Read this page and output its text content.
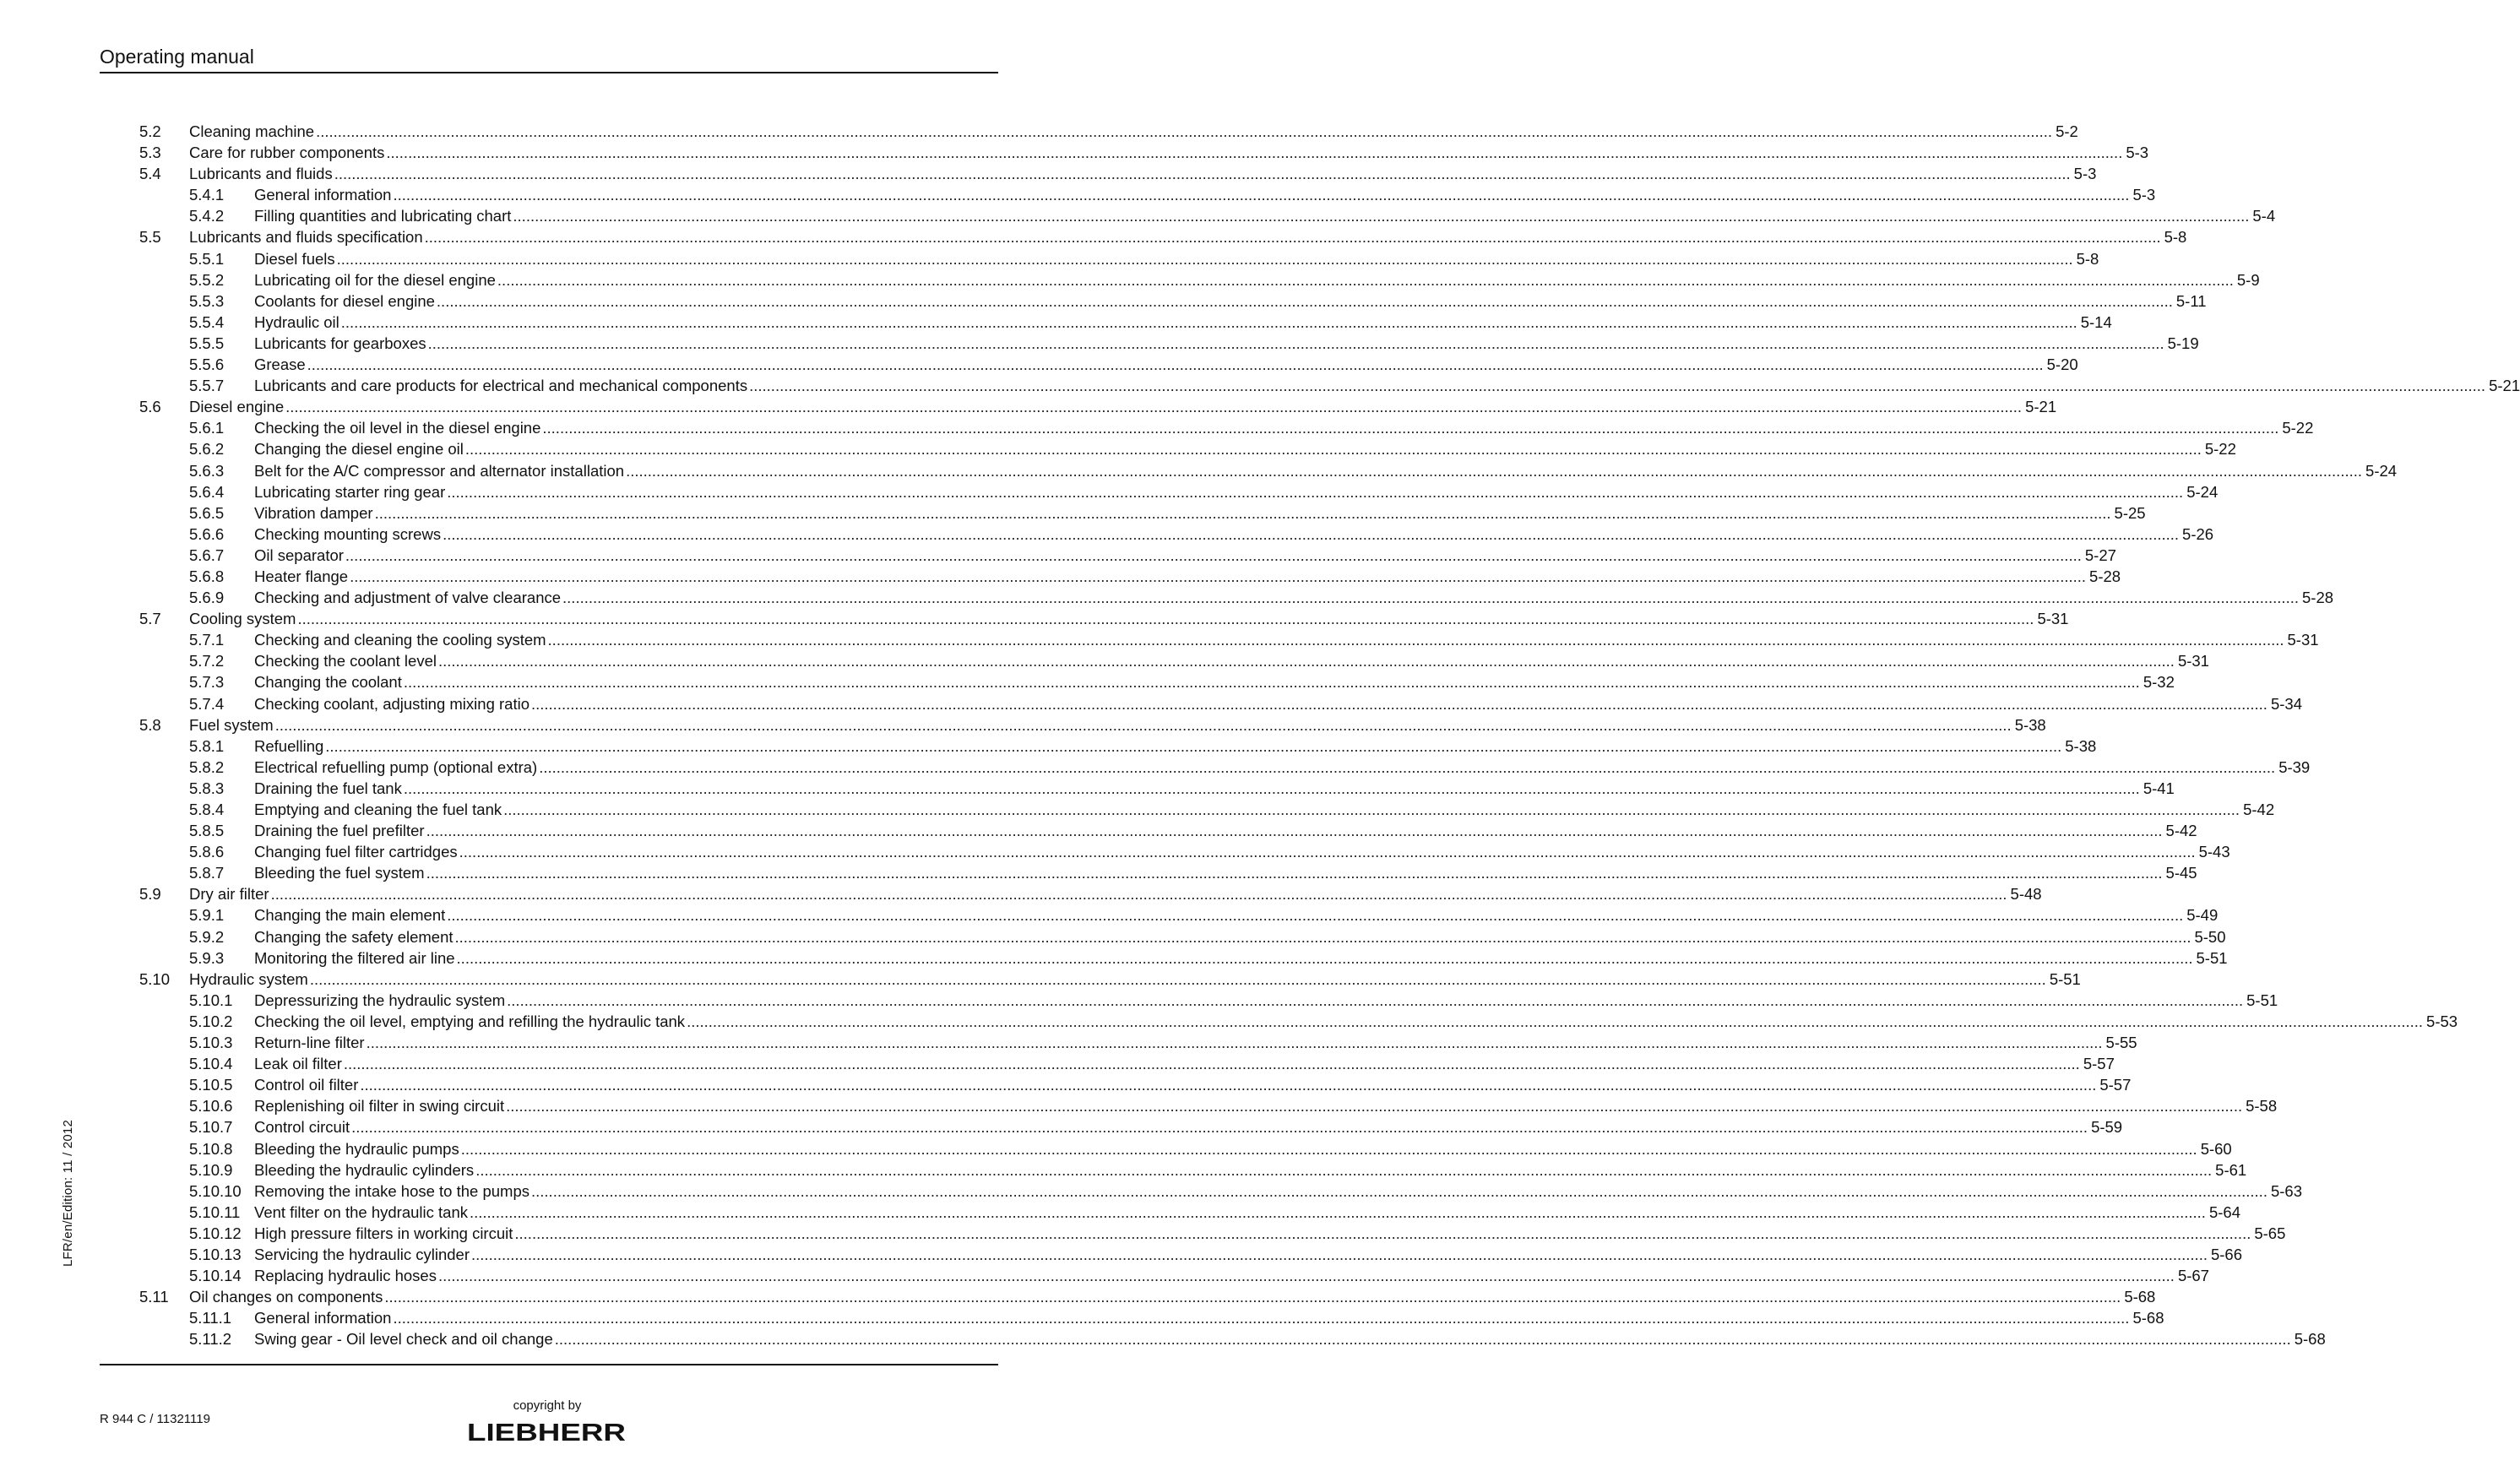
Operating manual
5.2 Cleaning machine ................................................................................................................................................................................................................................................................................................................................................................................................................ 5-2
5.3 Care for rubber components ................................................................................................................................................................................................................................................................................................................................................................................................................ 5-3
5.4 Lubricants and fluids ................................................................................................................................................................................................................................................................................................................................................................................................................ 5-3
5.4.1 General information ................................................................................................................................................................................................................................................................................................................................................................................................................ 5-3
5.4.2 Filling quantities and lubricating chart ................................................................................................................................................................................................................................................................................................................................................................................................................ 5-4
5.5 Lubricants and fluids specification ................................................................................................................................................................................................................................................................................................................................................................................................................ 5-8
5.5.1 Diesel fuels ................................................................................................................................................................................................................................................................................................................................................................................................................ 5-8
5.5.2 Lubricating oil for the diesel engine ................................................................................................................................................................................................................................................................................................................................................................................................................ 5-9
5.5.3 Coolants for diesel engine ................................................................................................................................................................................................................................................................................................................................................................................................................ 5-11
5.5.4 Hydraulic oil ................................................................................................................................................................................................................................................................................................................................................................................................................ 5-14
5.5.5 Lubricants for gearboxes ................................................................................................................................................................................................................................................................................................................................................................................................................ 5-19
5.5.6 Grease ................................................................................................................................................................................................................................................................................................................................................................................................................ 5-20
5.5.7 Lubricants and care products for electrical and mechanical components ................................................................................................................................................................................................................................................................................................................................................................................................................ 5-21
5.6 Diesel engine ................................................................................................................................................................................................................................................................................................................................................................................................................ 5-21
5.6.1 Checking the oil level in the diesel engine ................................................................................................................................................................................................................................................................................................................................................................................................................ 5-22
5.6.2 Changing the diesel engine oil ................................................................................................................................................................................................................................................................................................................................................................................................................ 5-22
5.6.3 Belt for the A/C compressor and alternator installation ................................................................................................................................................................................................................................................................................................................................................................................................................ 5-24
5.6.4 Lubricating starter ring gear ................................................................................................................................................................................................................................................................................................................................................................................................................ 5-24
5.6.5 Vibration damper ................................................................................................................................................................................................................................................................................................................................................................................................................ 5-25
5.6.6 Checking mounting screws ................................................................................................................................................................................................................................................................................................................................................................................................................ 5-26
5.6.7 Oil separator ................................................................................................................................................................................................................................................................................................................................................................................................................ 5-27
5.6.8 Heater flange ................................................................................................................................................................................................................................................................................................................................................................................................................ 5-28
5.6.9 Checking and adjustment of valve clearance ................................................................................................................................................................................................................................................................................................................................................................................................................ 5-28
5.7 Cooling system ................................................................................................................................................................................................................................................................................................................................................................................................................ 5-31
5.7.1 Checking and cleaning the cooling system ................................................................................................................................................................................................................................................................................................................................................................................................................ 5-31
5.7.2 Checking the coolant level ................................................................................................................................................................................................................................................................................................................................................................................................................ 5-31
5.7.3 Changing the coolant ................................................................................................................................................................................................................................................................................................................................................................................................................ 5-32
5.7.4 Checking coolant, adjusting mixing ratio ................................................................................................................................................................................................................................................................................................................................................................................................................ 5-34
5.8 Fuel system ................................................................................................................................................................................................................................................................................................................................................................................................................ 5-38
5.8.1 Refuelling ................................................................................................................................................................................................................................................................................................................................................................................................................ 5-38
5.8.2 Electrical refuelling pump (optional extra) ................................................................................................................................................................................................................................................................................................................................................................................................................ 5-39
5.8.3 Draining the fuel tank ................................................................................................................................................................................................................................................................................................................................................................................................................ 5-41
5.8.4 Emptying and cleaning the fuel tank ................................................................................................................................................................................................................................................................................................................................................................................................................ 5-42
5.8.5 Draining the fuel prefilter ................................................................................................................................................................................................................................................................................................................................................................................................................ 5-42
5.8.6 Changing fuel filter cartridges ................................................................................................................................................................................................................................................................................................................................................................................................................ 5-43
5.8.7 Bleeding the fuel system ................................................................................................................................................................................................................................................................................................................................................................................................................ 5-45
5.9 Dry air filter ................................................................................................................................................................................................................................................................................................................................................................................................................ 5-48
5.9.1 Changing the main element ................................................................................................................................................................................................................................................................................................................................................................................................................ 5-49
5.9.2 Changing the safety element ................................................................................................................................................................................................................................................................................................................................................................................................................ 5-50
5.9.3 Monitoring the filtered air line ................................................................................................................................................................................................................................................................................................................................................................................................................ 5-51
5.10 Hydraulic system ................................................................................................................................................................................................................................................................................................................................................................................................................ 5-51
5.10.1 Depressurizing the hydraulic system ................................................................................................................................................................................................................................................................................................................................................................................................................ 5-51
5.10.2 Checking the oil level, emptying and refilling the hydraulic tank ................................................................................................................................................................................................................................................................................................................................................................................................................ 5-53
5.10.3 Return-line filter ................................................................................................................................................................................................................................................................................................................................................................................................................ 5-55
5.10.4 Leak oil filter ................................................................................................................................................................................................................................................................................................................................................................................................................ 5-57
5.10.5 Control oil filter ................................................................................................................................................................................................................................................................................................................................................................................................................ 5-57
5.10.6 Replenishing oil filter in swing circuit ................................................................................................................................................................................................................................................................................................................................................................................................................ 5-58
5.10.7 Control circuit ................................................................................................................................................................................................................................................................................................................................................................................................................ 5-59
5.10.8 Bleeding the hydraulic pumps ................................................................................................................................................................................................................................................................................................................................................................................................................ 5-60
5.10.9 Bleeding the hydraulic cylinders ................................................................................................................................................................................................................................................................................................................................................................................................................ 5-61
5.10.10 Removing the intake hose to the pumps ................................................................................................................................................................................................................................................................................................................................................................................................................ 5-63
5.10.11 Vent filter on the hydraulic tank ................................................................................................................................................................................................................................................................................................................................................................................................................ 5-64
5.10.12 High pressure filters in working circuit ................................................................................................................................................................................................................................................................................................................................................................................................................ 5-65
5.10.13 Servicing the hydraulic cylinder ................................................................................................................................................................................................................................................................................................................................................................................................................ 5-66
5.10.14 Replacing hydraulic hoses ................................................................................................................................................................................................................................................................................................................................................................................................................ 5-67
5.11 Oil changes on components ................................................................................................................................................................................................................................................................................................................................................................................................................ 5-68
5.11.1 General information ................................................................................................................................................................................................................................................................................................................................................................................................................ 5-68
5.11.2 Swing gear - Oil level check and oil change ................................................................................................................................................................................................................................................................................................................................................................................................................ 5-68
LFR/en/Edition: 11 / 2012
R 944 C / 11321119
copyright by
LIEBHERR
